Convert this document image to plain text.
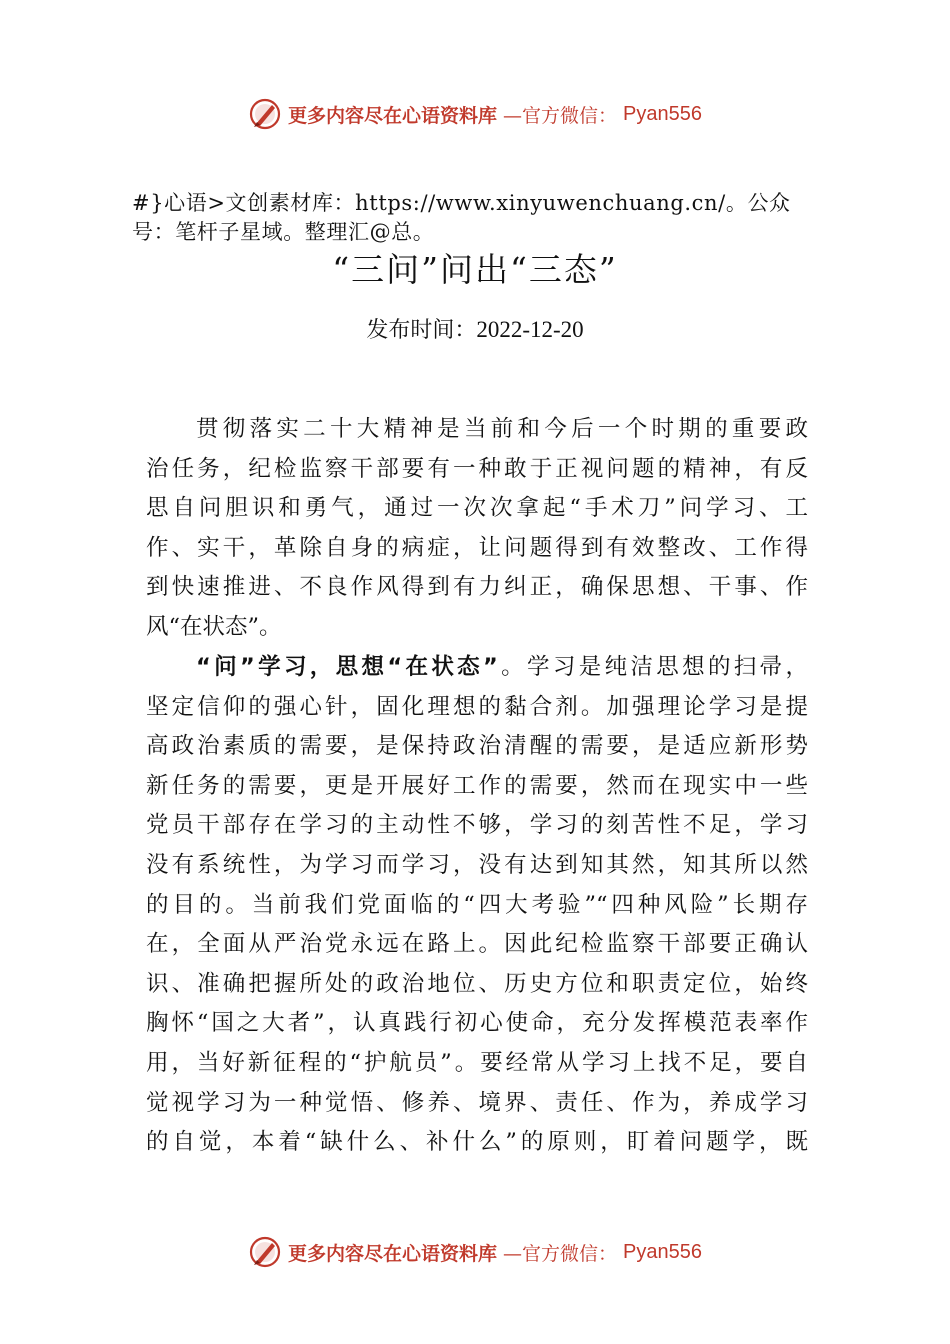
更多内容尽在心语资料库 —官方微信： Pyan556
#}心语>文创素材库：https://www.xinyuwenchuang.cn/。公众
号：笔杆子星域。整理汇@总。
“三问”问出“三态”
发布时间：2022-12-20
贯彻落实二十大精神是当前和今后一个时期的重要政
治任务，纪检监察干部要有一种敢于正视问题的精神，有反
思自问胆识和勇气，通过一次次拿起“手术刀”问学习、工
作、实干，革除自身的病症，让问题得到有效整改、工作得
到快速推进、不良作风得到有力纠正，确保思想、干事、作
风“在状态”。
“问”学习，思想“在状态”。学习是纯洁思想的扫帚，
坚定信仰的强心针，固化理想的黏合剂。加强理论学习是提
高政治素质的需要，是保持政治清醒的需要，是适应新形势
新任务的需要，更是开展好工作的需要，然而在现实中一些
党员干部存在学习的主动性不够，学习的刻苦性不足，学习
没有系统性，为学习而学习，没有达到知其然，知其所以然
的目的。当前我们党面临的“四大考验”“四种风险”长期存
在，全面从严治党永远在路上。因此纪检监察干部要正确认
识、准确把握所处的政治地位、历史方位和职责定位，始终
胸怀“国之大者”，认真践行初心使命，充分发挥模范表率作
用，当好新征程的“护航员”。要经常从学习上找不足，要自
觉视学习为一种觉悟、修养、境界、责任、作为，养成学习
的自觉，本着“缺什么、补什么”的原则，盯着问题学，既
更多内容尽在心语资料库 —官方微信： Pyan556
